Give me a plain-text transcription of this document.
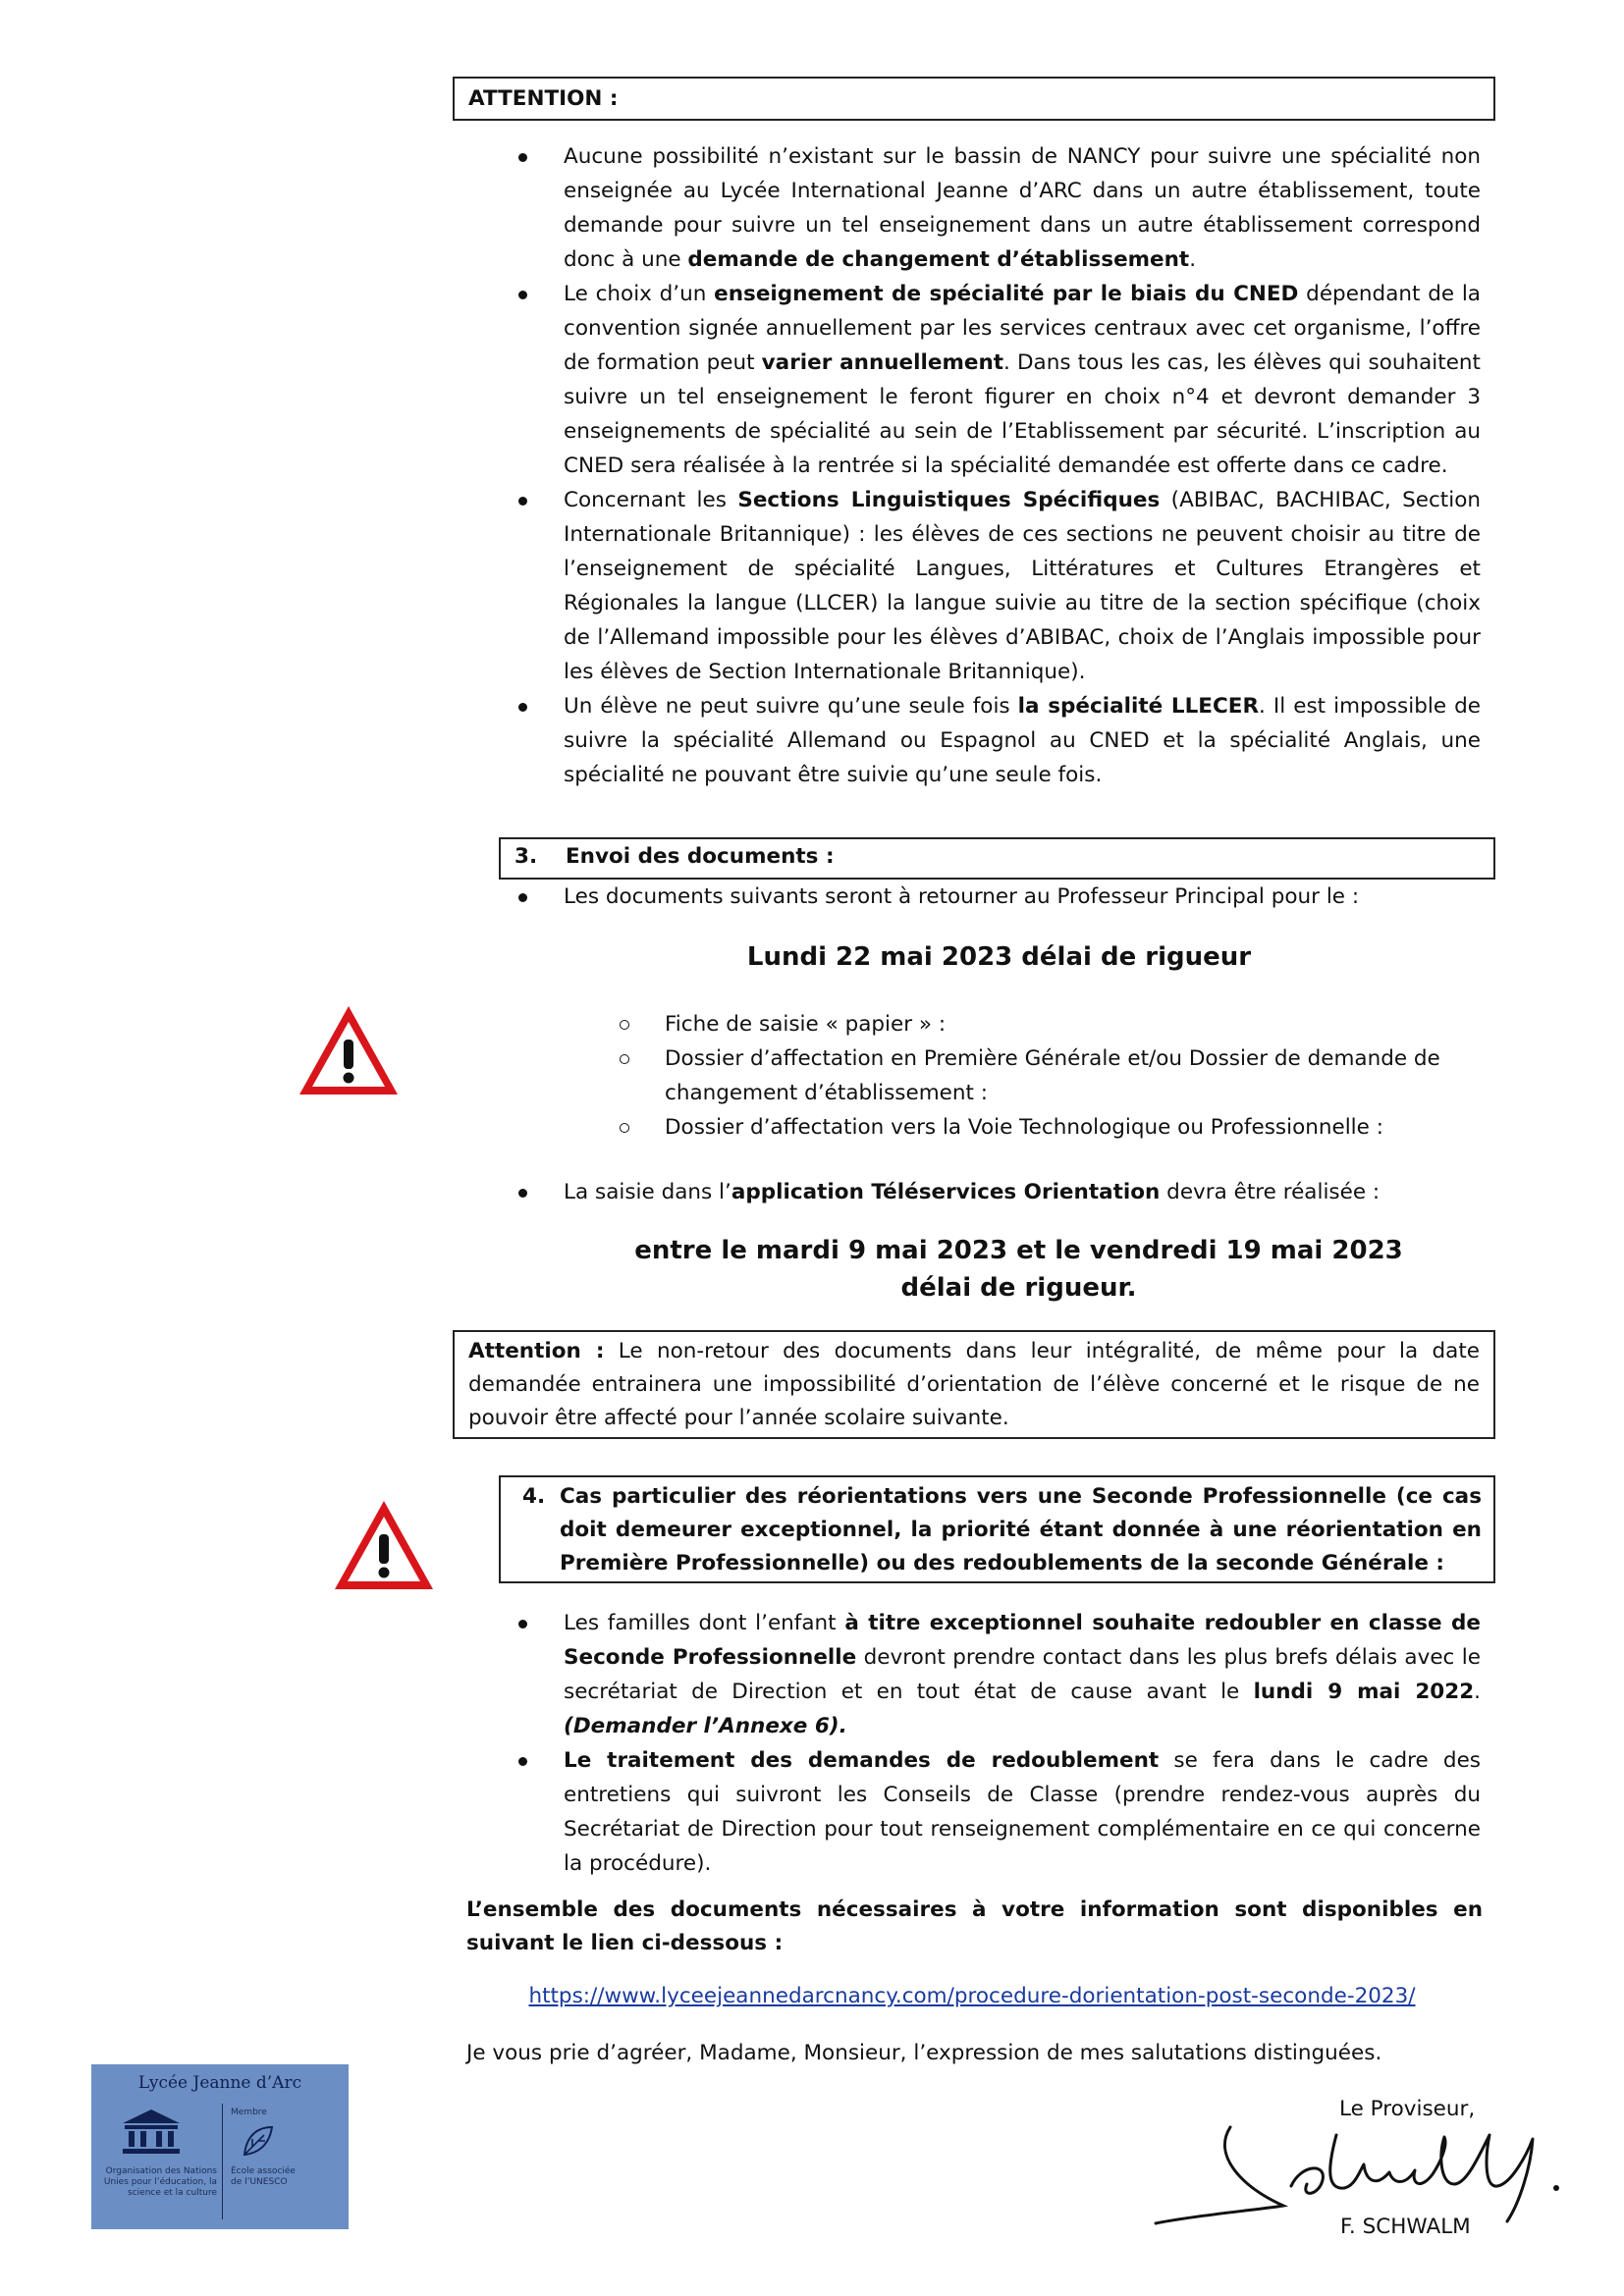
ATTENTION :
Aucune possibilité n’existant sur le bassin de NANCY pour suivre une spécialité non enseignée au Lycée International Jeanne d’ARC dans un autre établissement, toute demande pour suivre un tel enseignement dans un autre établissement correspond donc à une demande de changement d’établissement.
Le choix d’un enseignement de spécialité par le biais du CNED dépendant de la convention signée annuellement par les services centraux avec cet organisme, l’offre de formation peut varier annuellement. Dans tous les cas, les élèves qui souhaitent suivre un tel enseignement le feront figurer en choix n°4 et devront demander 3 enseignements de spécialité au sein de l’Etablissement par sécurité. L’inscription au CNED sera réalisée à la rentrée si la spécialité demandée est offerte dans ce cadre.
Concernant les Sections Linguistiques Spécifiques (ABIBAC, BACHIBAC, Section Internationale Britannique) : les élèves de ces sections ne peuvent choisir au titre de l’enseignement de spécialité Langues, Littératures et Cultures Etrangères et Régionales la langue (LLCER) la langue suivie au titre de la section spécifique (choix de l’Allemand impossible pour les élèves d’ABIBAC, choix de l’Anglais impossible pour les élèves de Section Internationale Britannique).
Un élève ne peut suivre qu’une seule fois la spécialité LLECER. Il est impossible de suivre la spécialité Allemand ou Espagnol au CNED et la spécialité Anglais, une spécialité ne pouvant être suivie qu’une seule fois.
3. Envoi des documents :
Les documents suivants seront à retourner au Professeur Principal pour le :
Lundi 22 mai 2023 délai de rigueur
Fiche de saisie « papier » :
Dossier d’affectation en Première Générale et/ou Dossier de demande de changement d’établissement :
Dossier d’affectation vers la Voie Technologique ou Professionnelle :
La saisie dans l’application Téléservices Orientation devra être réalisée :
entre le mardi 9 mai 2023 et le vendredi 19 mai 2023
délai de rigueur.
Attention : Le non-retour des documents dans leur intégralité, de même pour la date demandée entrainera une impossibilité d’orientation de l’élève concerné et le risque de ne pouvoir être affecté pour l’année scolaire suivante.
4. Cas particulier des réorientations vers une Seconde Professionnelle (ce cas doit demeurer exceptionnel, la priorité étant donnée à une réorientation en Première Professionnelle) ou des redoublements de la seconde Générale :
Les familles dont l’enfant à titre exceptionnel souhaite redoubler en classe de Seconde Professionnelle devront prendre contact dans les plus brefs délais avec le secrétariat de Direction et en tout état de cause avant le lundi 9 mai 2022. (Demander l’Annexe 6).
Le traitement des demandes de redoublement se fera dans le cadre des entretiens qui suivront les Conseils de Classe (prendre rendez-vous auprès du Secrétariat de Direction pour tout renseignement complémentaire en ce qui concerne la procédure).
L’ensemble des documents nécessaires à votre information sont disponibles en suivant le lien ci-dessous :
https://www.lyceejeannedarcnancy.com/procedure-dorientation-post-seconde-2023/
Je vous prie d’agréer, Madame, Monsieur, l’expression de mes salutations distinguées.
Le Proviseur,
F. SCHWALM
Lycée Jeanne d’Arc
Membre
Organisation des Nations Unies pour l’éducation, la science et la culture
École associée de l’UNESCO
